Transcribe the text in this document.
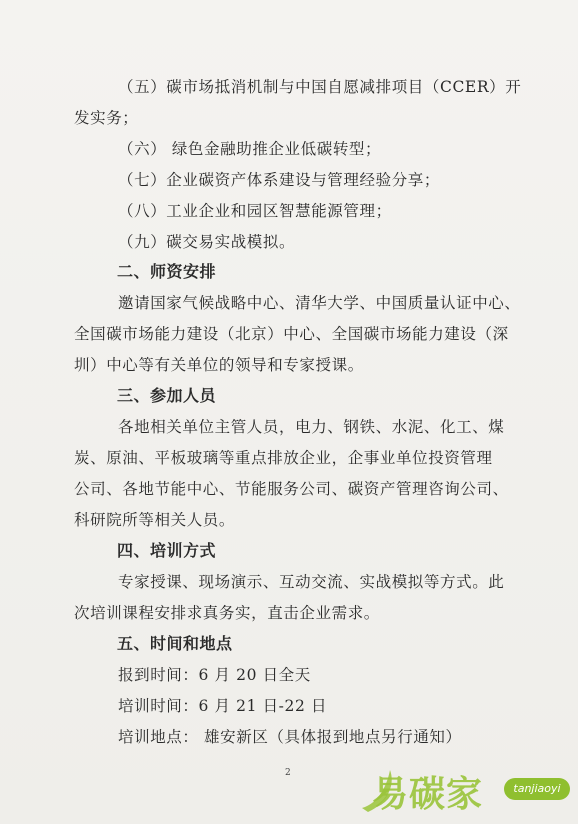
（五）碳市场抵消机制与中国自愿减排项目（CCER）开
发实务；
（六） 绿色金融助推企业低碳转型；
（七）企业碳资产体系建设与管理经验分享；
（八）工业企业和园区智慧能源管理；
（九）碳交易实战模拟。
二、师资安排
邀请国家气候战略中心、清华大学、中国质量认证中心、
全国碳市场能力建设（北京）中心、全国碳市场能力建设（深
圳）中心等有关单位的领导和专家授课。
三、参加人员
各地相关单位主管人员，电力、钢铁、水泥、化工、煤
炭、原油、平板玻璃等重点排放企业，企事业单位投资管理
公司、各地节能中心、节能服务公司、碳资产管理咨询公司、
科研院所等相关人员。
四、培训方式
专家授课、现场演示、互动交流、实战模拟等方式。此
次培训课程安排求真务实，直击企业需求。
五、时间和地点
报到时间：6 月 20 日全天
培训时间：6 月 21 日-22 日
培训地点： 雄安新区（具体报到地点另行通知）
2
易碳家	tanjiaoyi
